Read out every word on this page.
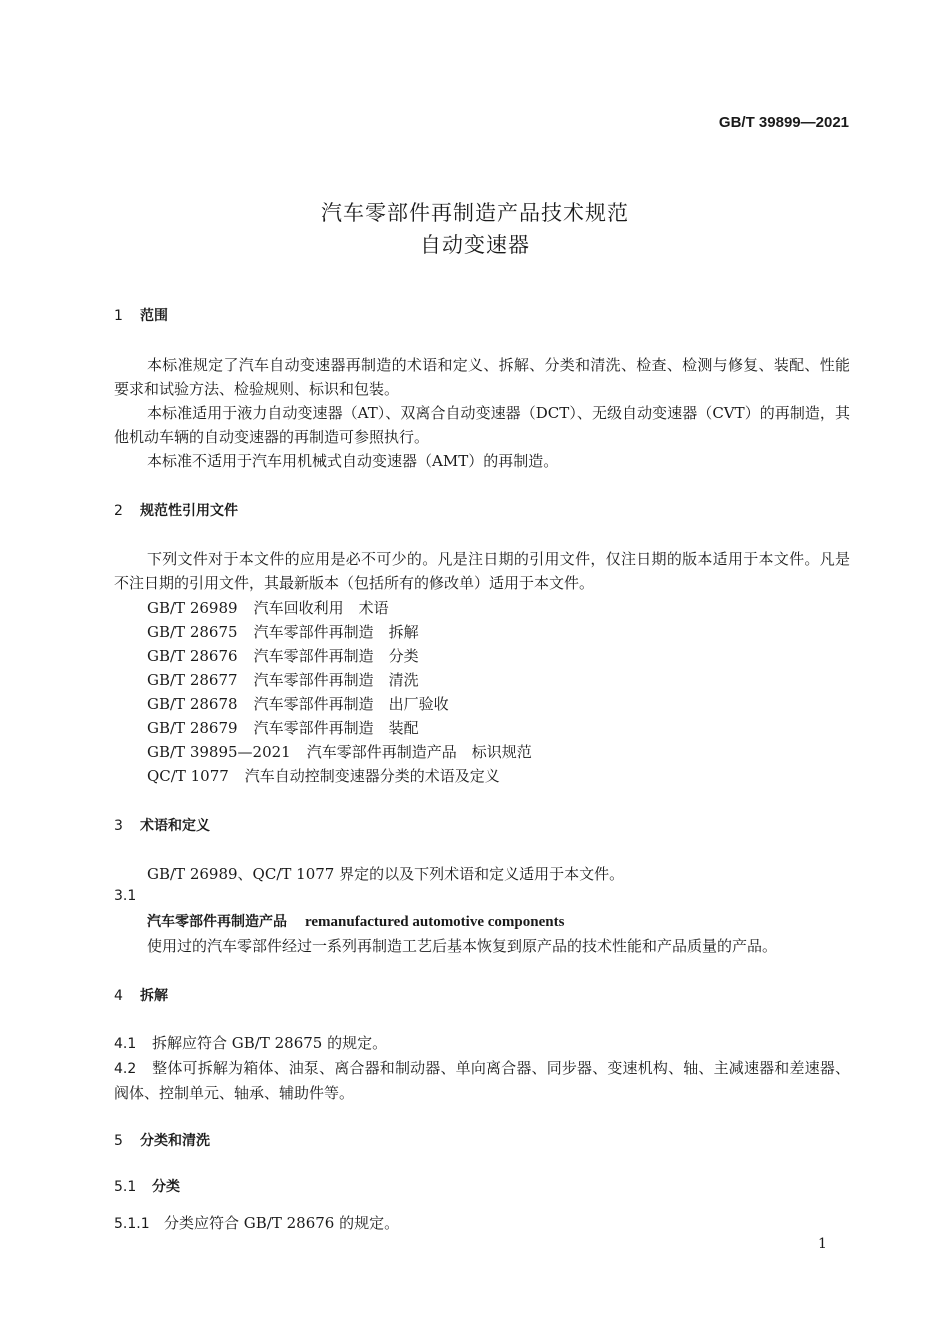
GB/T 39899—2021
汽车零部件再制造产品技术规范
自动变速器
1 范围
本标准规定了汽车自动变速器再制造的术语和定义、拆解、分类和清洗、检查、检测与修复、装配、性能要求和试验方法、检验规则、标识和包装。
本标准适用于液力自动变速器（AT）、双离合自动变速器（DCT）、无级自动变速器（CVT）的再制造，其他机动车辆的自动变速器的再制造可参照执行。
本标准不适用于汽车用机械式自动变速器（AMT）的再制造。
2 规范性引用文件
下列文件对于本文件的应用是必不可少的。凡是注日期的引用文件，仅注日期的版本适用于本文件。凡是不注日期的引用文件，其最新版本（包括所有的修改单）适用于本文件。
GB/T 26989 汽车回收利用　术语
GB/T 28675 汽车零部件再制造　拆解
GB/T 28676 汽车零部件再制造　分类
GB/T 28677 汽车零部件再制造　清洗
GB/T 28678 汽车零部件再制造　出厂验收
GB/T 28679 汽车零部件再制造　装配
GB/T 39895—2021 汽车零部件再制造产品　标识规范
QC/T 1077 汽车自动控制变速器分类的术语及定义
3 术语和定义
GB/T 26989、QC/T 1077 界定的以及下列术语和定义适用于本文件。
3.1
汽车零部件再制造产品 remanufactured automotive components
使用过的汽车零部件经过一系列再制造工艺后基本恢复到原产品的技术性能和产品质量的产品。
4 拆解
4.1 拆解应符合 GB/T 28675 的规定。
4.2 整体可拆解为箱体、油泵、离合器和制动器、单向离合器、同步器、变速机构、轴、主减速器和差速器、阀体、控制单元、轴承、辅助件等。
5 分类和清洗
5.1 分类
5.1.1 分类应符合 GB/T 28676 的规定。
1
